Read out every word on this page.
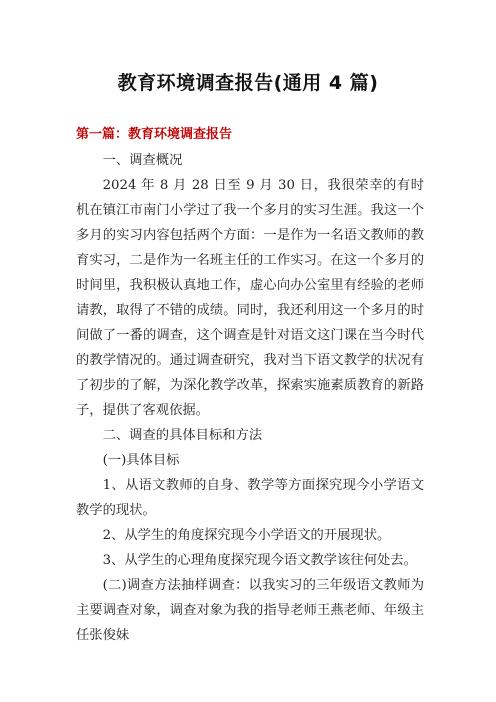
教育环境调查报告(通用 4 篇)

第一篇：教育环境调查报告

一、调查概况

2024 年 8 月 28 日至 9 月 30 日，我很荣幸的有时机在镇江市南门小学过了我一个多月的实习生涯。我这一个多月的实习内容包括两个方面：一是作为一名语文教师的教育实习，二是作为一名班主任的工作实习。在这一个多月的时间里，我积极认真地工作，虚心向办公室里有经验的老师请教，取得了不错的成绩。同时，我还利用这一个多月的时间做了一番的调查，这个调查是针对语文这门课在当今时代的教学情况的。通过调查研究，我对当下语文教学的状况有了初步的了解，为深化教学改革，探索实施素质教育的新路子，提供了客观依据。

二、调查的具体目标和方法

(一)具体目标

1、从语文教师的自身、教学等方面探究现今小学语文教学的现状。

2、从学生的角度探究现今小学语文的开展现状。

3、从学生的心理角度探究现今语文教学该往何处去。

(二)调查方法抽样调查：以我实习的三年级语文教师为主要调查对象，调查对象为我的指导老师王燕老师、年级主任张俊妹
